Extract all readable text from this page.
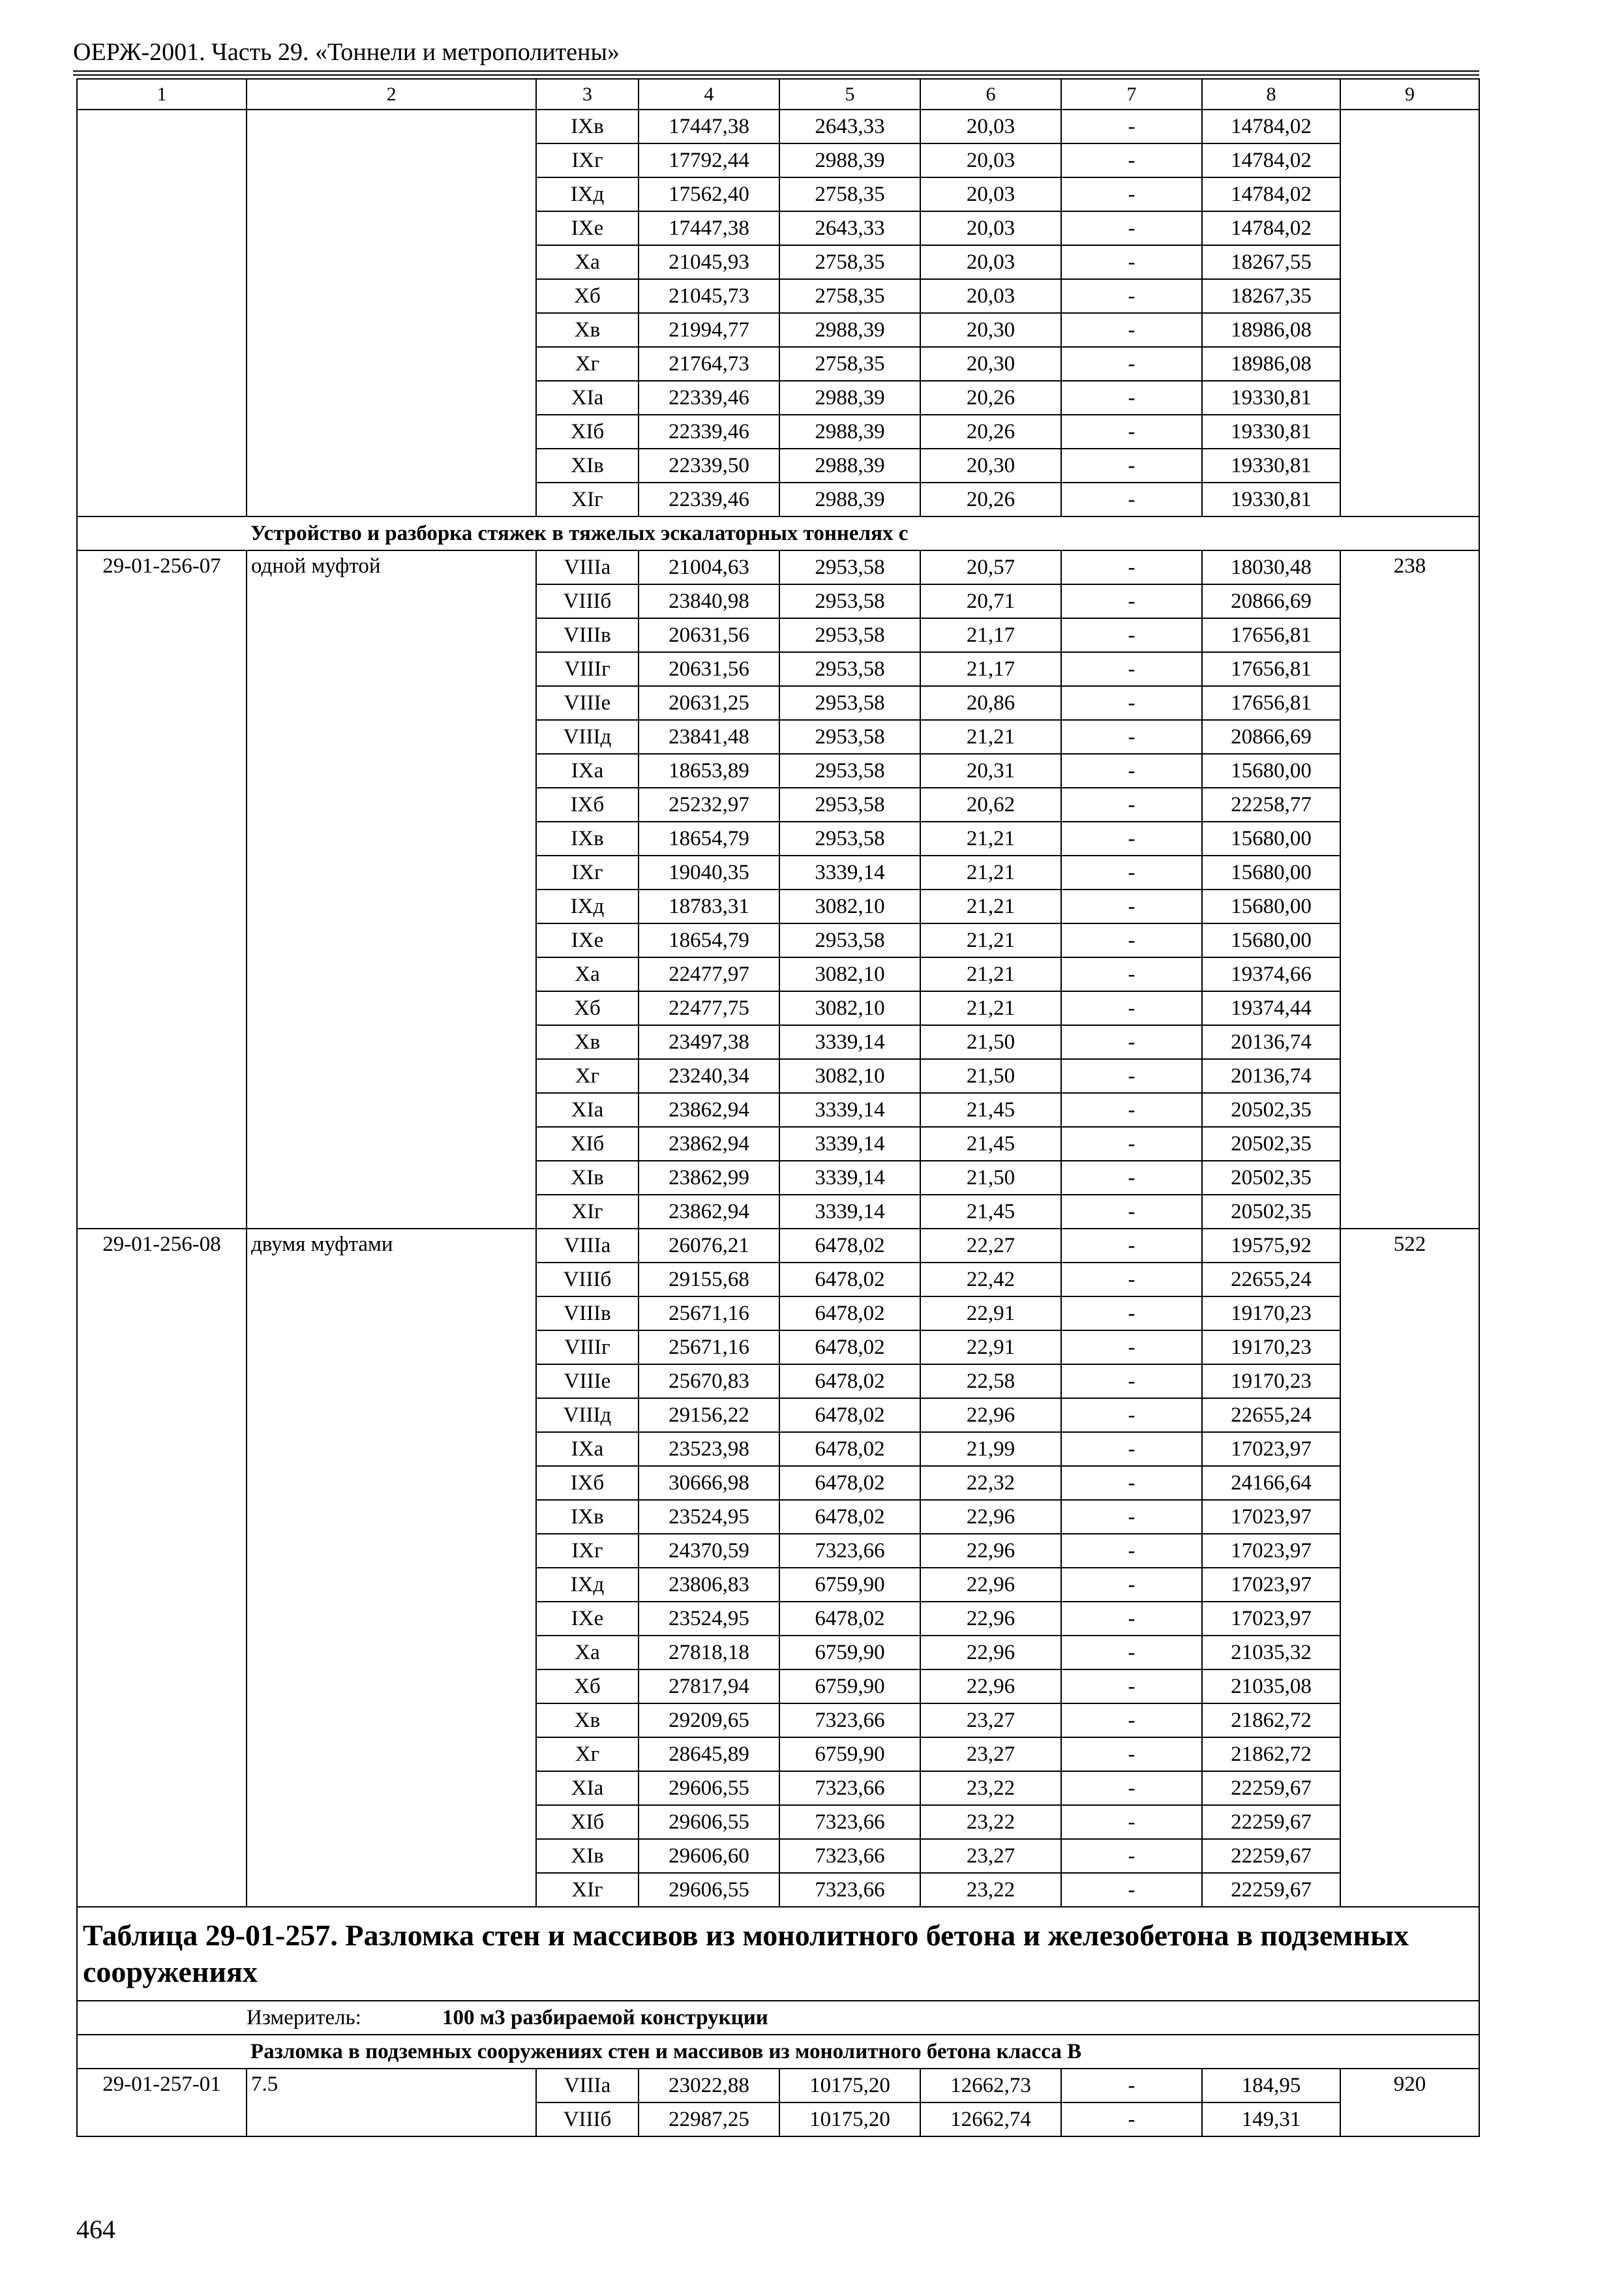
ОЕРЖ-2001. Часть 29. «Тоннели и метрополитены»
1	2	3	4	5	6	7	8	9
		IXв	17447,38	2643,33	20,03	-	14784,02	
		IXг	17792,44	2988,39	20,03	-	14784,02	
		IXд	17562,40	2758,35	20,03	-	14784,02	
		IXе	17447,38	2643,33	20,03	-	14784,02	
		Xа	21045,93	2758,35	20,03	-	18267,55	
		Xб	21045,73	2758,35	20,03	-	18267,35	
		Xв	21994,77	2988,39	20,30	-	18986,08	
		Xг	21764,73	2758,35	20,30	-	18986,08	
		XIа	22339,46	2988,39	20,26	-	19330,81	
		XIб	22339,46	2988,39	20,26	-	19330,81	
		XIв	22339,50	2988,39	20,30	-	19330,81	
		XIг	22339,46	2988,39	20,26	-	19330,81	
	Устройство и разборка стяжек в тяжелых эскалаторных тоннелях с							
29-01-256-07	одной муфтой	VIIIа	21004,63	2953,58	20,57	-	18030,48	238
		VIIIб	23840,98	2953,58	20,71	-	20866,69	
		VIIIв	20631,56	2953,58	21,17	-	17656,81	
		VIIIг	20631,56	2953,58	21,17	-	17656,81	
		VIIIе	20631,25	2953,58	20,86	-	17656,81	
		VIIIд	23841,48	2953,58	21,21	-	20866,69	
		IXа	18653,89	2953,58	20,31	-	15680,00	
		IXб	25232,97	2953,58	20,62	-	22258,77	
		IXв	18654,79	2953,58	21,21	-	15680,00	
		IXг	19040,35	3339,14	21,21	-	15680,00	
		IXд	18783,31	3082,10	21,21	-	15680,00	
		IXе	18654,79	2953,58	21,21	-	15680,00	
		Xа	22477,97	3082,10	21,21	-	19374,66	
		Xб	22477,75	3082,10	21,21	-	19374,44	
		Xв	23497,38	3339,14	21,50	-	20136,74	
		Xг	23240,34	3082,10	21,50	-	20136,74	
		XIа	23862,94	3339,14	21,45	-	20502,35	
		XIб	23862,94	3339,14	21,45	-	20502,35	
		XIв	23862,99	3339,14	21,50	-	20502,35	
		XIг	23862,94	3339,14	21,45	-	20502,35	
29-01-256-08	двумя муфтами	VIIIа	26076,21	6478,02	22,27	-	19575,92	522
		VIIIб	29155,68	6478,02	22,42	-	22655,24	
		VIIIв	25671,16	6478,02	22,91	-	19170,23	
		VIIIг	25671,16	6478,02	22,91	-	19170,23	
		VIIIе	25670,83	6478,02	22,58	-	19170,23	
		VIIIд	29156,22	6478,02	22,96	-	22655,24	
		IXа	23523,98	6478,02	21,99	-	17023,97	
		IXб	30666,98	6478,02	22,32	-	24166,64	
		IXв	23524,95	6478,02	22,96	-	17023,97	
		IXг	24370,59	7323,66	22,96	-	17023,97	
		IXд	23806,83	6759,90	22,96	-	17023,97	
		IXе	23524,95	6478,02	22,96	-	17023,97	
		Xа	27818,18	6759,90	22,96	-	21035,32	
		Xб	27817,94	6759,90	22,96	-	21035,08	
		Xв	29209,65	7323,66	23,27	-	21862,72	
		Xг	28645,89	6759,90	23,27	-	21862,72	
		XIа	29606,55	7323,66	23,22	-	22259,67	
		XIб	29606,55	7323,66	23,22	-	22259,67	
		XIв	29606,60	7323,66	23,27	-	22259,67	
		XIг	29606,55	7323,66	23,22	-	22259,67	
Таблица 29-01-257. Разломка стен и массивов из монолитного бетона и железобетона в подземных сооружениях								
Измеритель: 100 м3 разбираемой конструкции								
	Разломка в подземных сооружениях стен и массивов из монолитного бетона класса В							
29-01-257-01	7.5	VIIIа	23022,88	10175,20	12662,73	-	184,95	920
		VIIIб	22987,25	10175,20	12662,74	-	149,31	
464
